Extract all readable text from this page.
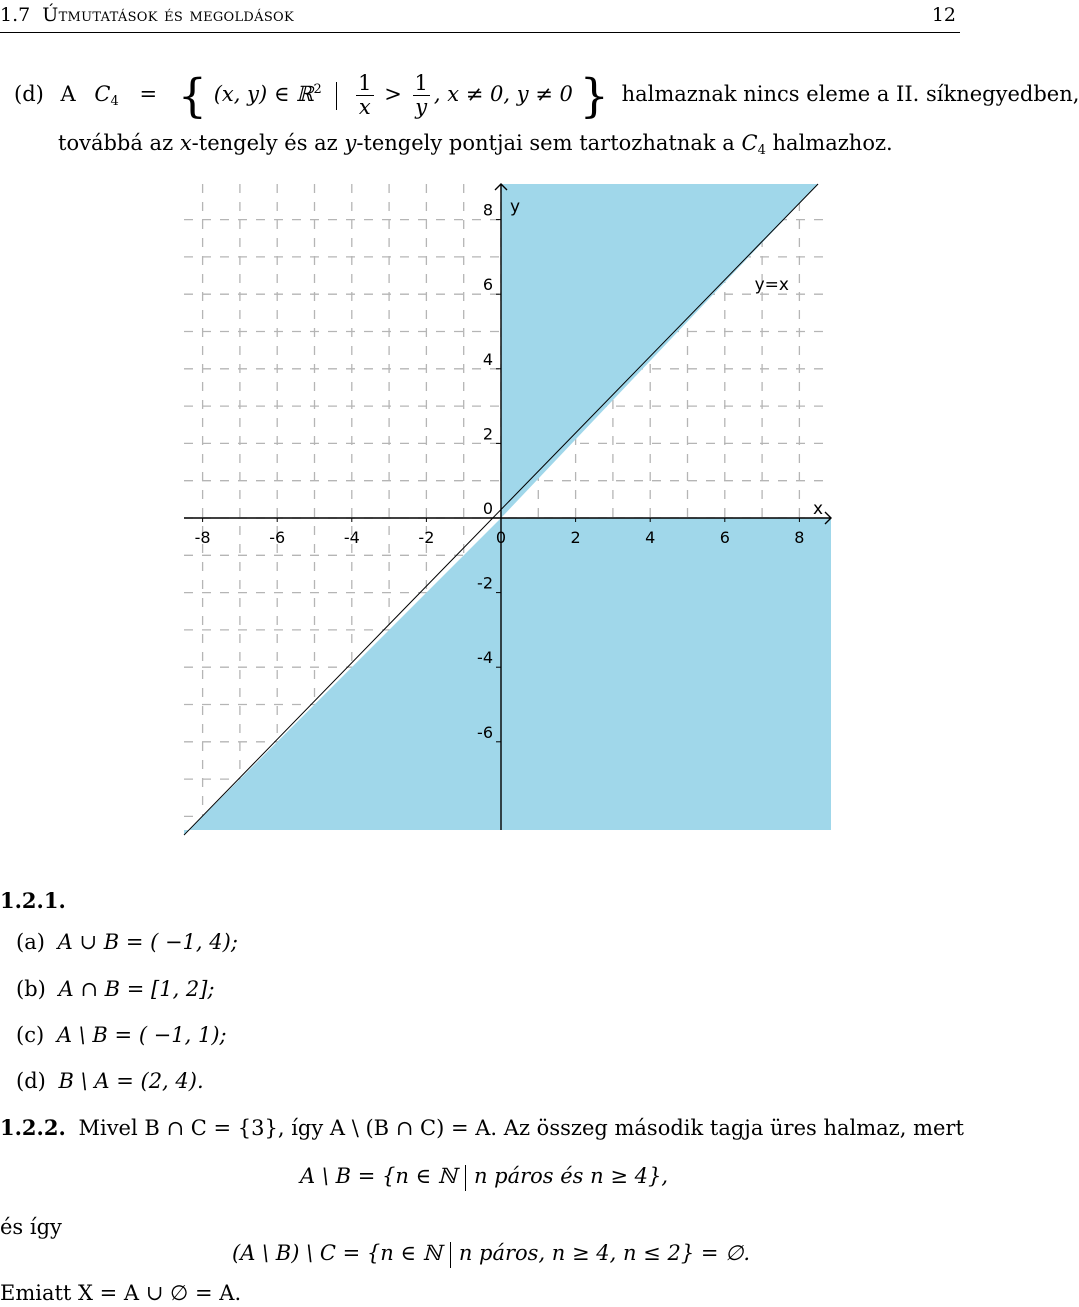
1.7 Útmutatások és megoldások	12
(d) A $C_4$ = { (x, y) ∈ ℝ$^2$ $\frac{1}{x} > \frac{1}{y}$ , x ≠ 0, y ≠ 0 } halmaznak nincs eleme a II. síknegyedben,
továbbá az x-tengely és az y-tengely pontjai sem tartozhatnak a $C_4$ halmazhoz.
-8	-6	-4	-2	0	2	4	6	8
8
6
4
2
0
-2
-4
-6
x
y
y=x
1.2.1.
(a) A ∪ B = ( −1, 4);
(b) A ∩ B = [1, 2];
(c) A \ B = ( −1, 1);
(d) B \ A = (2, 4).
1.2.2. Mivel B ∩ C = {3}, így A \ (B ∩ C) = A. Az összeg második tagja üres halmaz, mert
A \ B = {n ∈ ℕ n páros és n ≥ 4},
és így
(A \ B) \ C = {n ∈ ℕ n páros, n ≥ 4, n ≤ 2} = ∅.
Emiatt X = A ∪ ∅ = A.
